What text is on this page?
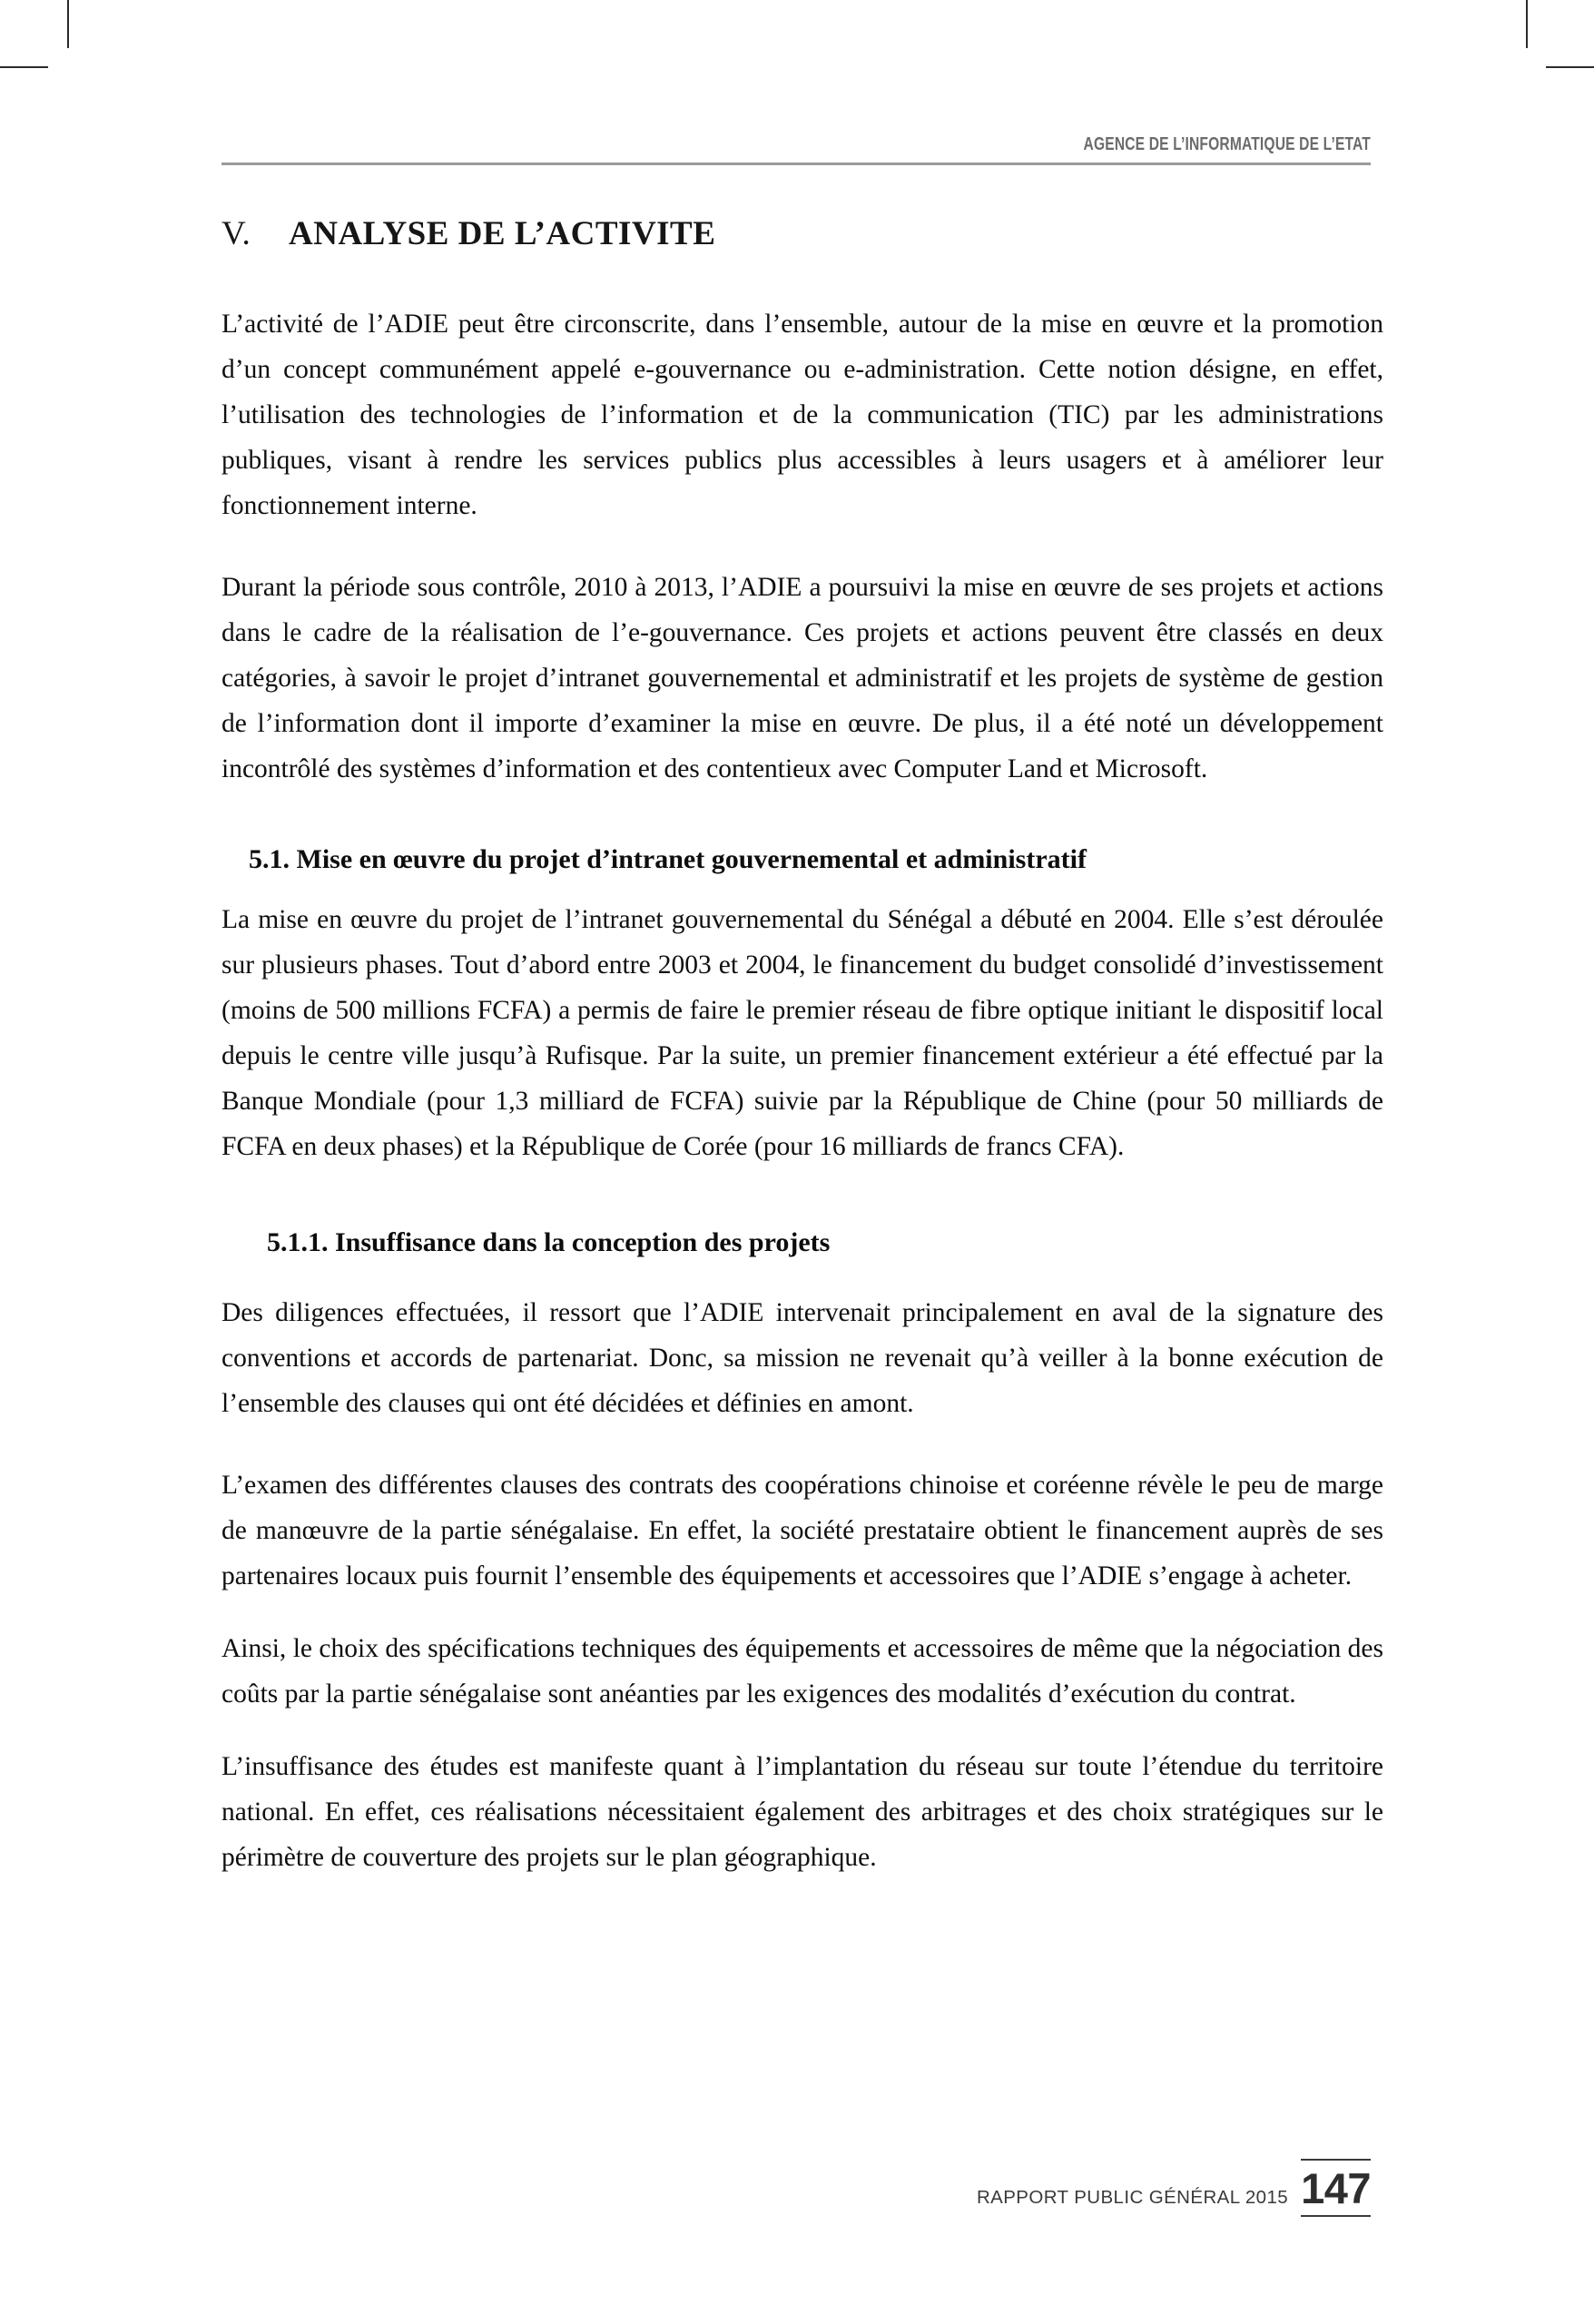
AGENCE DE L’INFORMATIQUE DE L’ETAT
V. ANALYSE DE L’ACTIVITE

L’activité de l’ADIE peut être circonscrite, dans l’ensemble, autour de la mise en œuvre et la promotion d’un concept communément appelé e-gouvernance ou e-administration. Cette notion désigne, en effet, l’utilisation des technologies de l’information et de la communication (TIC) par les administrations publiques, visant à rendre les services publics plus accessibles à leurs usagers et à améliorer leur fonctionnement interne.

Durant la période sous contrôle, 2010 à 2013, l’ADIE a poursuivi la mise en œuvre de ses projets et actions dans le cadre de la réalisation de l’e-gouvernance. Ces projets et actions peuvent être classés en deux catégories, à savoir le projet d’intranet gouvernemental et administratif et les projets de système de gestion de l’information dont il importe d’examiner la mise en œuvre. De plus, il a été noté un développement incontrôlé des systèmes d’information et des contentieux avec Computer Land et Microsoft.

5.1. Mise en œuvre du projet d’intranet gouvernemental et administratif

La mise en œuvre du projet de l’intranet gouvernemental du Sénégal a débuté en 2004. Elle s’est déroulée sur plusieurs phases. Tout d’abord entre 2003 et 2004, le financement du budget consolidé d’investissement (moins de 500 millions FCFA) a permis de faire le premier réseau de fibre optique initiant le dispositif local depuis le centre ville jusqu’à Rufisque. Par la suite, un premier financement extérieur a été effectué par la Banque Mondiale (pour 1,3 milliard de FCFA) suivie par la République de Chine (pour 50 milliards de FCFA en deux phases) et la République de Corée (pour 16 milliards de francs CFA).

5.1.1. Insuffisance dans la conception des projets

Des diligences effectuées, il ressort que l’ADIE intervenait principalement en aval de la signature des conventions et accords de partenariat. Donc, sa mission ne revenait qu’à veiller à la bonne exécution de l’ensemble des clauses qui ont été décidées et définies en amont.

L’examen des différentes clauses des contrats des coopérations chinoise et coréenne révèle le peu de marge de manœuvre de la partie sénégalaise. En effet, la société prestataire obtient le financement auprès de ses partenaires locaux puis fournit l’ensemble des équipements et accessoires que l’ADIE s’engage à acheter.

Ainsi, le choix des spécifications techniques des équipements et accessoires de même que la négociation des coûts par la partie sénégalaise sont anéanties par les exigences des modalités d’exécution du contrat.

L’insuffisance des études est manifeste quant à l’implantation du réseau sur toute l’étendue du territoire national. En effet, ces réalisations nécessitaient également des arbitrages et des choix stratégiques sur le périmètre de couverture des projets sur le plan géographique.

RAPPORT PUBLIC GÉNÉRAL 2015 147
